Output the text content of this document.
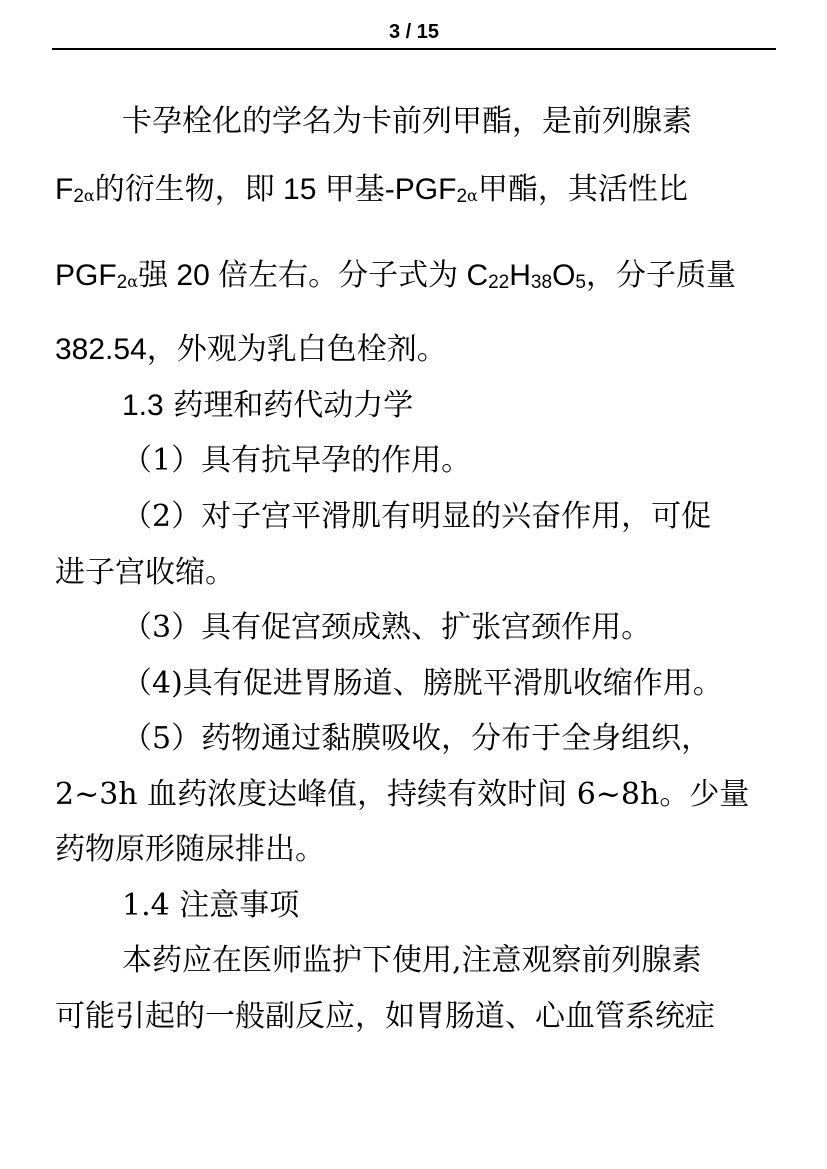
3 / 15
卡孕栓化的学名为卡前列甲酯，是前列腺素
$F_2\alpha$的衍生物，即 15 甲基$-PGF_2\alpha$甲酯，其活性比
$PGF_2\alpha$强 20 倍左右。分子式为 $C_{22}H_{38}O_5$，分子质量
382.54，外观为乳白色栓剂。
1.3 药理和药代动力学
（1）具有抗早孕的作用。
（2）对子宫平滑肌有明显的兴奋作用，可促
进子宫收缩。
（3）具有促宫颈成熟、扩张宫颈作用。
（4)具有促进胃肠道、膀胱平滑肌收缩作用。
（5）药物通过黏膜吸收，分布于全身组织，
2~3h 血药浓度达峰值，持续有效时间 6~8h。少量
药物原形随尿排出。
1.4 注意事项
本药应在医师监护下使用,注意观察前列腺素
可能引起的一般副反应，如胃肠道、心血管系统症
